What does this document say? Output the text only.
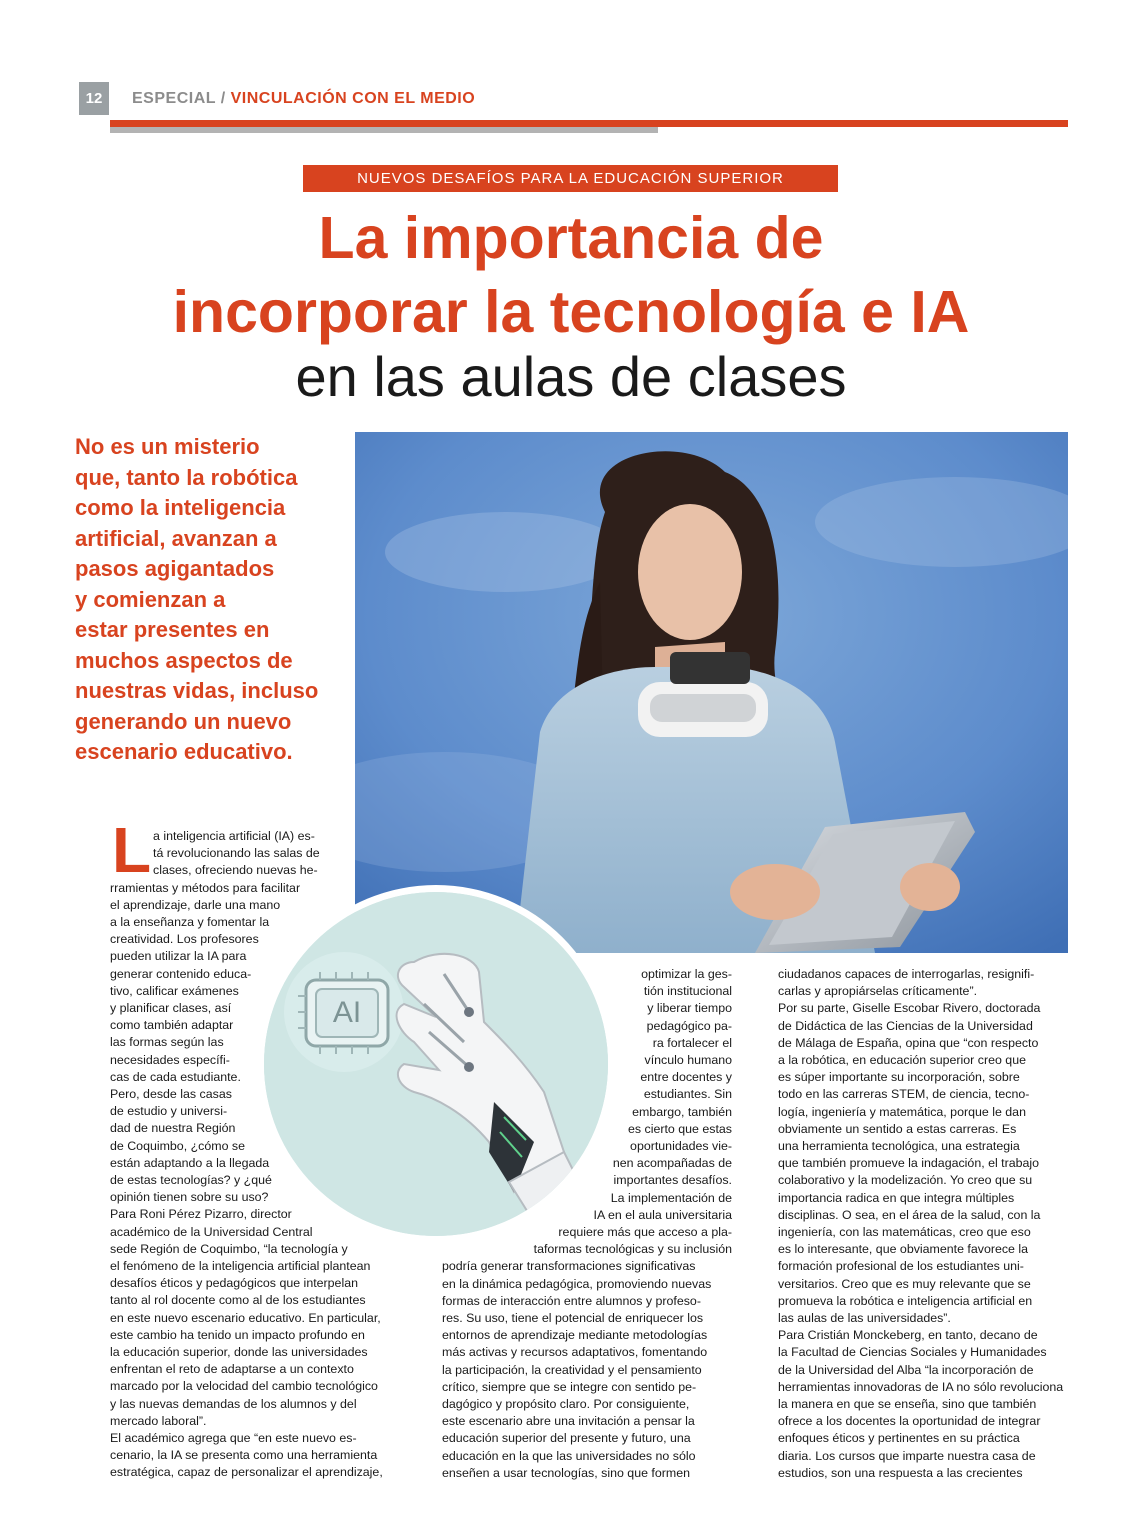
12	ESPECIAL / VINCULACIÓN CON EL MEDIO
NUEVOS DESAFÍOS PARA LA EDUCACIÓN SUPERIOR
La importancia de
incorporar la tecnología e IA
en las aulas de clases
No es un misterio
que, tanto la robótica
como la inteligencia
artificial, avanzan a
pasos agigantados
y comienzan a
estar presentes en
muchos aspectos de
nuestras vidas, incluso
generando un nuevo
escenario educativo.
AI
L a inteligencia artificial (IA) es-
tá revolucionando las salas de
clases, ofreciendo nuevas he-
rramientas y métodos para facilitar
el aprendizaje, darle una mano
a la enseñanza y fomentar la
creatividad. Los profesores
pueden utilizar la IA para
generar contenido educa-
tivo, calificar exámenes
y planificar clases, así
como también adaptar
las formas según las
necesidades específi-
cas de cada estudiante.
Pero, desde las casas
de estudio y universi-
dad de nuestra Región
de Coquimbo, ¿cómo se
están adaptando a la llegada
de estas tecnologías? y ¿qué
opinión tienen sobre su uso?
Para Roni Pérez Pizarro, director
académico de la Universidad Central
sede Región de Coquimbo, “la tecnología y
el fenómeno de la inteligencia artificial plantean
desafíos éticos y pedagógicos que interpelan
tanto al rol docente como al de los estudiantes
en este nuevo escenario educativo. En particular,
este cambio ha tenido un impacto profundo en
la educación superior, donde las universidades
enfrentan el reto de adaptarse a un contexto
marcado por la velocidad del cambio tecnológico
y las nuevas demandas de los alumnos y del
mercado laboral”.
El académico agrega que “en este nuevo es-
cenario, la IA se presenta como una herramienta
estratégica, capaz de personalizar el aprendizaje,
optimizar la ges-
tión institucional
y liberar tiempo
pedagógico pa-
ra fortalecer el
vínculo humano
entre docentes y
estudiantes. Sin
embargo, también
es cierto que estas
oportunidades vie-
nen acompañadas de
importantes desafíos.
La implementación de
IA en el aula universitaria
requiere más que acceso a pla-
taformas tecnológicas y su inclusión
podría generar transformaciones significativas
en la dinámica pedagógica, promoviendo nuevas
formas de interacción entre alumnos y profeso-
res. Su uso, tiene el potencial de enriquecer los
entornos de aprendizaje mediante metodologías
más activas y recursos adaptativos, fomentando
la participación, la creatividad y el pensamiento
crítico, siempre que se integre con sentido pe-
dagógico y propósito claro. Por consiguiente,
este escenario abre una invitación a pensar la
educación superior del presente y futuro, una
educación en la que las universidades no sólo
enseñen a usar tecnologías, sino que formen
ciudadanos capaces de interrogarlas, resignifi-
carlas y apropiárselas críticamente”.
Por su parte, Giselle Escobar Rivero, doctorada
de Didáctica de las Ciencias de la Universidad
de Málaga de España, opina que “con respecto
a la robótica, en educación superior creo que
es súper importante su incorporación, sobre
todo en las carreras STEM, de ciencia, tecno-
logía, ingeniería y matemática, porque le dan
obviamente un sentido a estas carreras. Es
una herramienta tecnológica, una estrategia
que también promueve la indagación, el trabajo
colaborativo y la modelización. Yo creo que su
importancia radica en que integra múltiples
disciplinas. O sea, en el área de la salud, con la
ingeniería, con las matemáticas, creo que eso
es lo interesante, que obviamente favorece la
formación profesional de los estudiantes uni-
versitarios. Creo que es muy relevante que se
promueva la robótica e inteligencia artificial en
las aulas de las universidades”.
Para Cristián Monckeberg, en tanto, decano de
la Facultad de Ciencias Sociales y Humanidades
de la Universidad del Alba “la incorporación de
herramientas innovadoras de IA no sólo revoluciona
la manera en que se enseña, sino que también
ofrece a los docentes la oportunidad de integrar
enfoques éticos y pertinentes en su práctica
diaria. Los cursos que imparte nuestra casa de
estudios, son una respuesta a las crecientes
